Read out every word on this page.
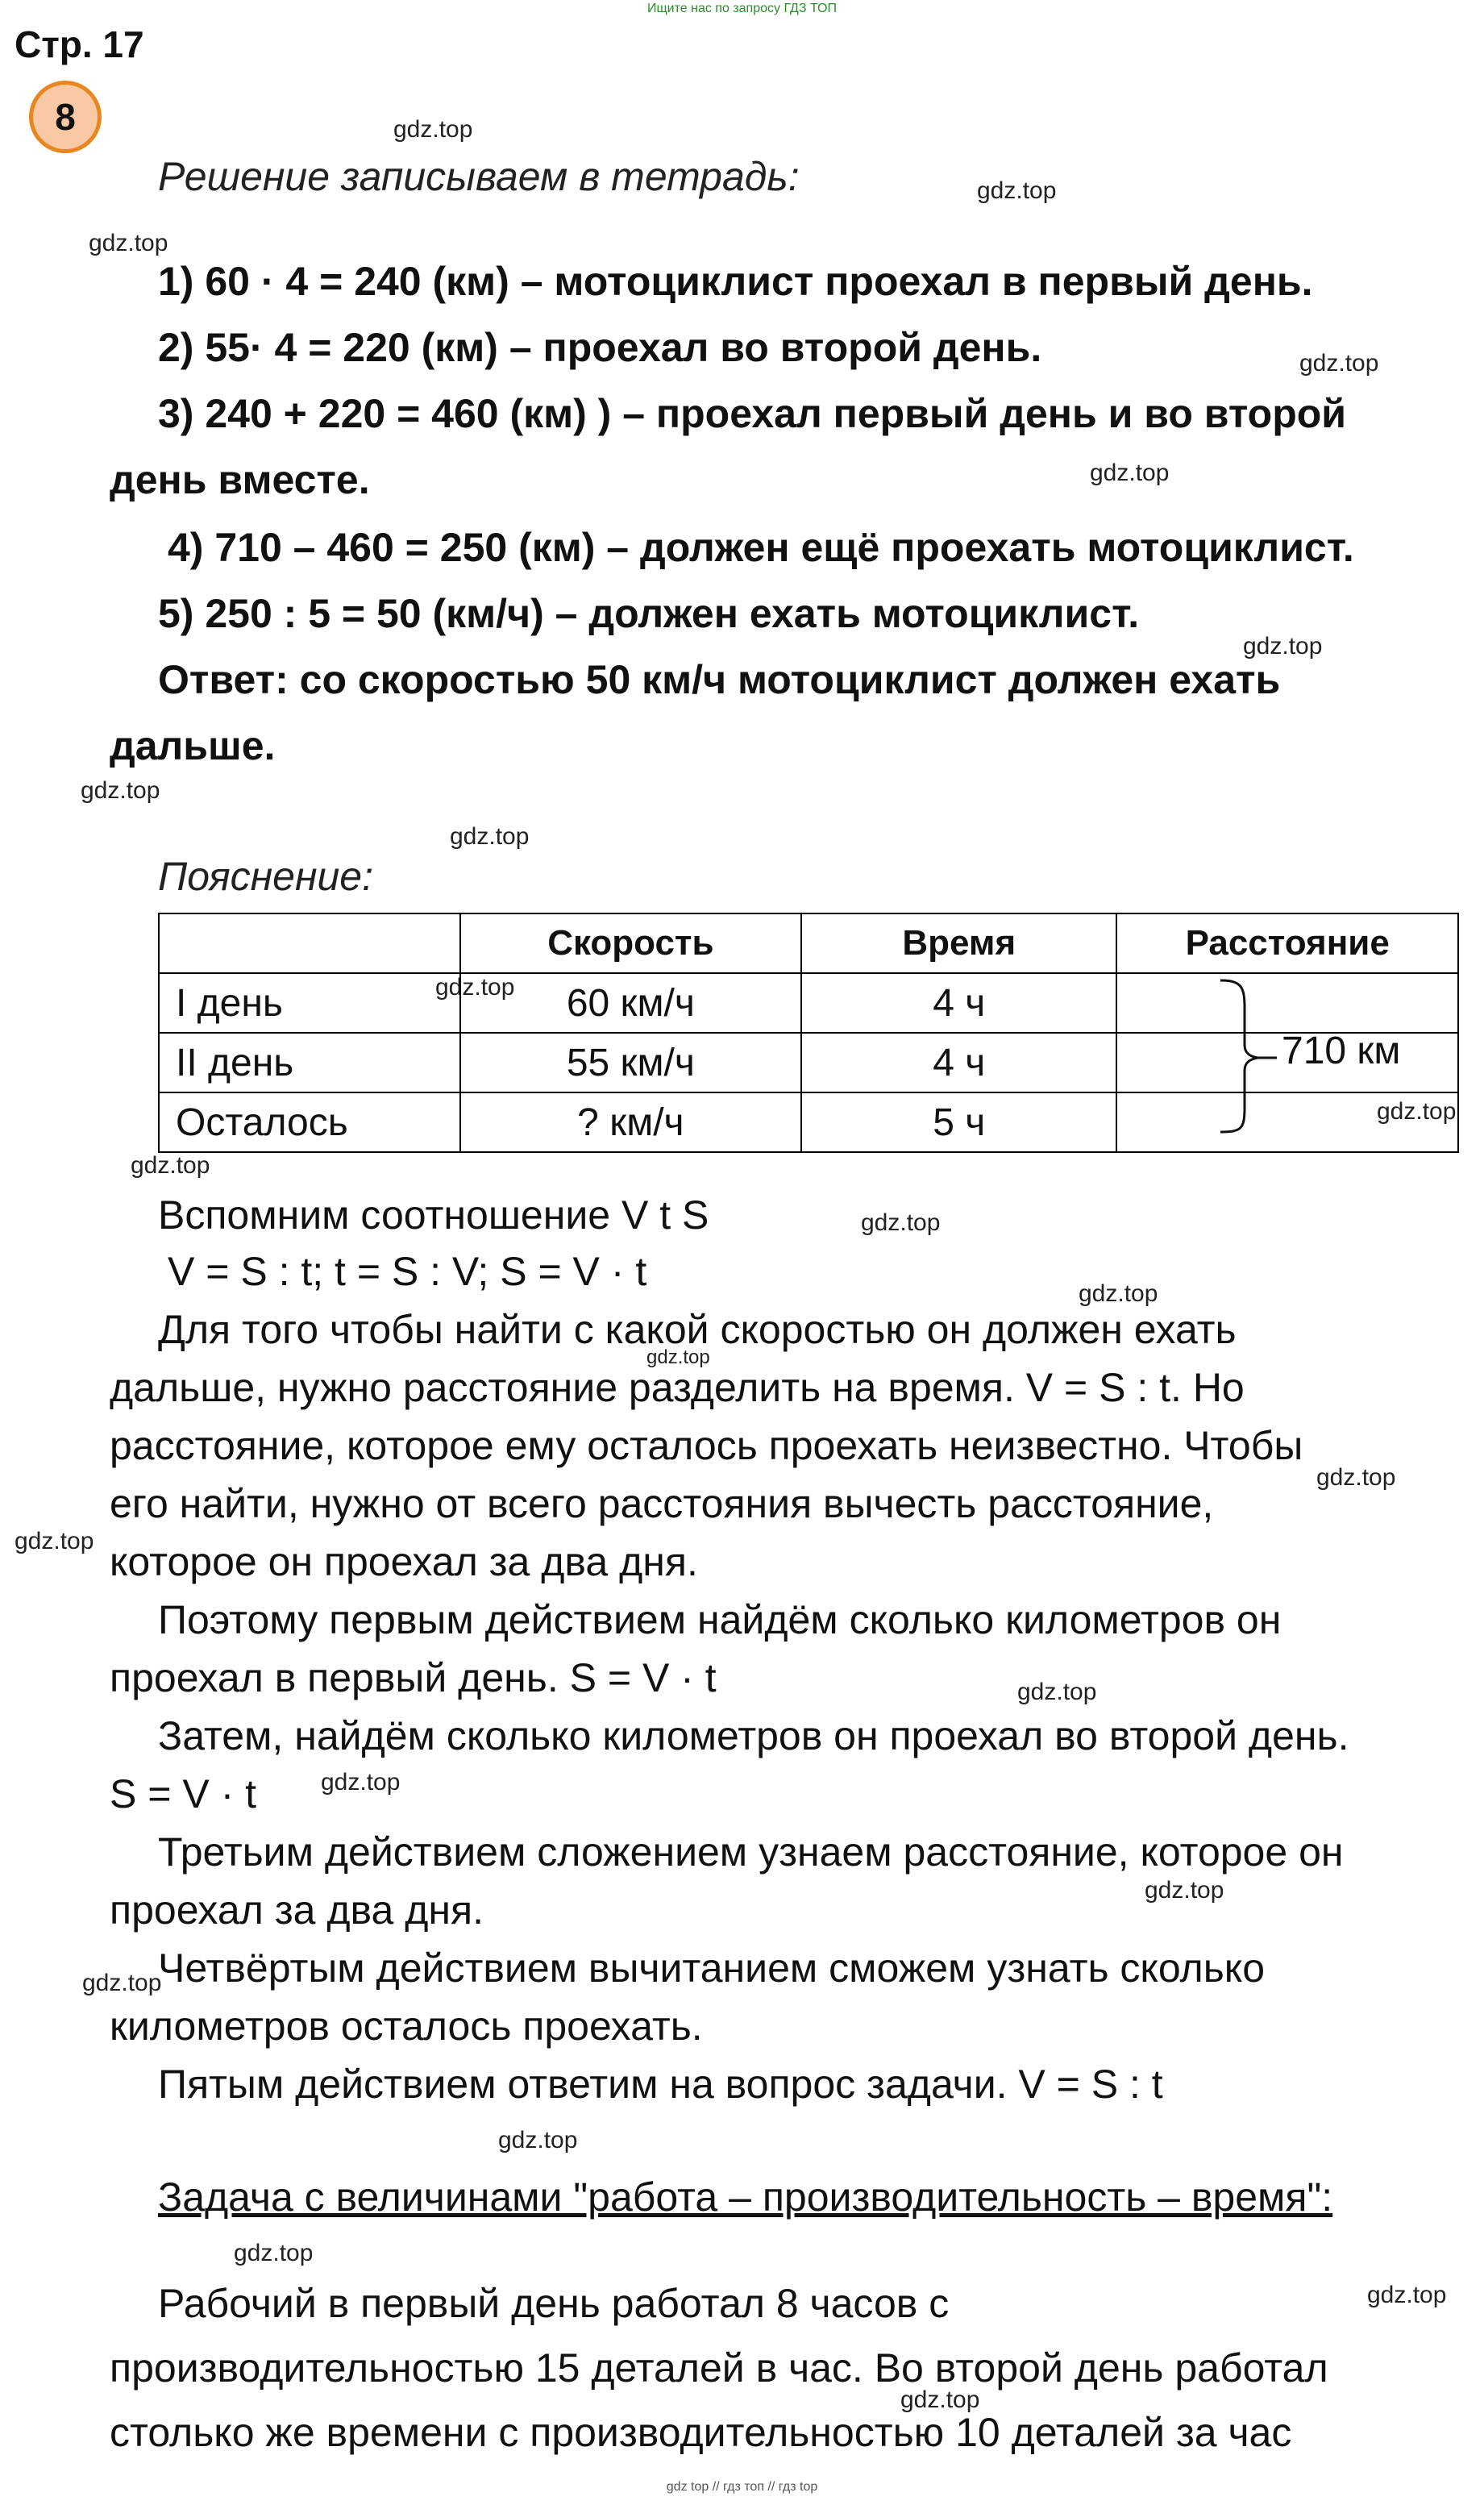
Ищите нас по запросу ГДЗ ТОП
Стр. 17
8	gdz.top
gdz.top
gdz.top
gdz.top
gdz.top
gdz.top
gdz.top
gdz.top
gdz.top
gdz.top
gdz.top
gdz.top
gdz.top
gdz.top
gdz.top
gdz.top
gdz.top
gdz.top
gdz.top
gdz.top
gdz.top
gdz.top
gdz.top
gdz.top
Решение записываем в тетрадь:
1) 60 · 4 = 240 (км) – мотоциклист проехал в первый день.
2) 55· 4 = 220 (км) – проехал во второй день.
3) 240 + 220 = 460 (км) ) – проехал первый день и во второй
день вместе.
4) 710 – 460 = 250 (км) – должен ещё проехать мотоциклист.
5) 250 : 5 = 50 (км/ч) – должен ехать мотоциклист.
Ответ: со скоростью 50 км/ч мотоциклист должен ехать
дальше.
Пояснение:
	Скорость	Время	Расстояние
I день	60 км/ч	4 ч	
II день	55 км/ч	4 ч	
Осталось	? км/ч	5 ч	
710 км
Вспомним соотношение V t S
V = S : t; t = S : V; S = V · t
Для того чтобы найти с какой скоростью он должен ехать
дальше, нужно расстояние разделить на время. V = S : t. Но
расстояние, которое ему осталось проехать неизвестно. Чтобы
его найти, нужно от всего расстояния вычесть расстояние,
которое он проехал за два дня.
Поэтому первым действием найдём сколько километров он
проехал в первый день. S = V · t
Затем, найдём сколько километров он проехал во второй день.
S = V · t
Третьим действием сложением узнаем расстояние, которое он
проехал за два дня.
Четвёртым действием вычитанием сможем узнать сколько
километров осталось проехать.
Пятым действием ответим на вопрос задачи. V = S : t
Задача с величинами "работа – производительность – время":
Рабочий в первый день работал 8 часов с
производительностью 15 деталей в час. Во второй день работал
столько же времени с производительностью 10 деталей за час
gdz top // гдз топ // гдз top
